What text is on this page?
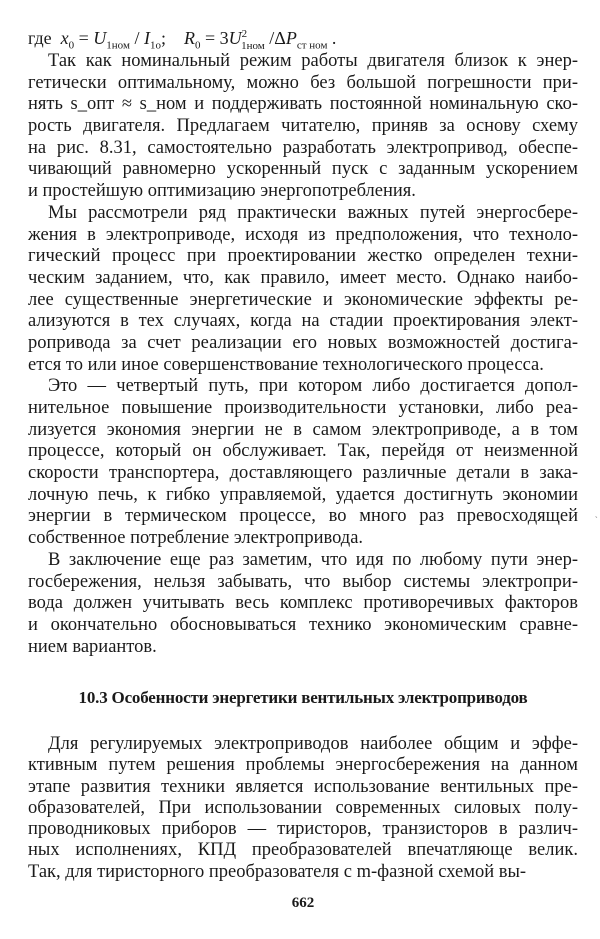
где $x_0 = U_{1ном} / I_{1o}$; $R_0 = 3U^2_{1ном}$ $/\Delta P_{ст ном}$ .
Так как номинальный режим работы двигателя близок к энер-
гетически оптимальному, можно без большой погрешности при-
нять s_опт ≈ s_ном и поддерживать постоянной номинальную ско-
рость двигателя. Предлагаем читателю, приняв за основу схему
на рис. 8.31, самостоятельно разработать электропривод, обеспе-
чивающий равномерно ускоренный пуск с заданным ускорением
и простейшую оптимизацию энергопотребления.
Мы рассмотрели ряд практически важных путей энергосбере-
жения в электроприводе, исходя из предположения, что техноло-
гический процесс при проектировании жестко определен техни-
ческим заданием, что, как правило, имеет место. Однако наибо-
лее существенные энергетические и экономические эффекты ре-
ализуются в тех случаях, когда на стадии проектирования элект-
ропривода за счет реализации его новых возможностей достига-
ется то или иное совершенствование технологического процесса.
Это — четвертый путь, при котором либо достигается допол-
нительное повышение производительности установки, либо реа-
лизуется экономия энергии не в самом электроприводе, а в том
процессе, который он обслуживает. Так, перейдя от неизменной
скорости транспортера, доставляющего различные детали в зака-
лочную печь, к гибко управляемой, удается достигнуть экономии
энергии в термическом процессе, во много раз превосходящей
собственное потребление электропривода.
В заключение еще раз заметим, что идя по любому пути энер-
госбережения, нельзя забывать, что выбор системы электропри-
вода должен учитывать весь комплекс противоречивых факторов
и окончательно обосновываться технико экономическим сравне-
нием вариантов.
10.3 Особенности энергетики вентильных электроприводов
Для регулируемых электроприводов наиболее общим и эффе-
ктивным путем решения проблемы энергосбережения на данном
этапе развития техники является использование вентильных пре-
образователей, При использовании современных силовых полу-
проводниковых приборов — тиристоров, транзисторов в различ-
ных исполнениях, КПД преобразователей впечатляюще велик.
Так, для тиристорного преобразователя с m-фазной схемой вы-
662
`
